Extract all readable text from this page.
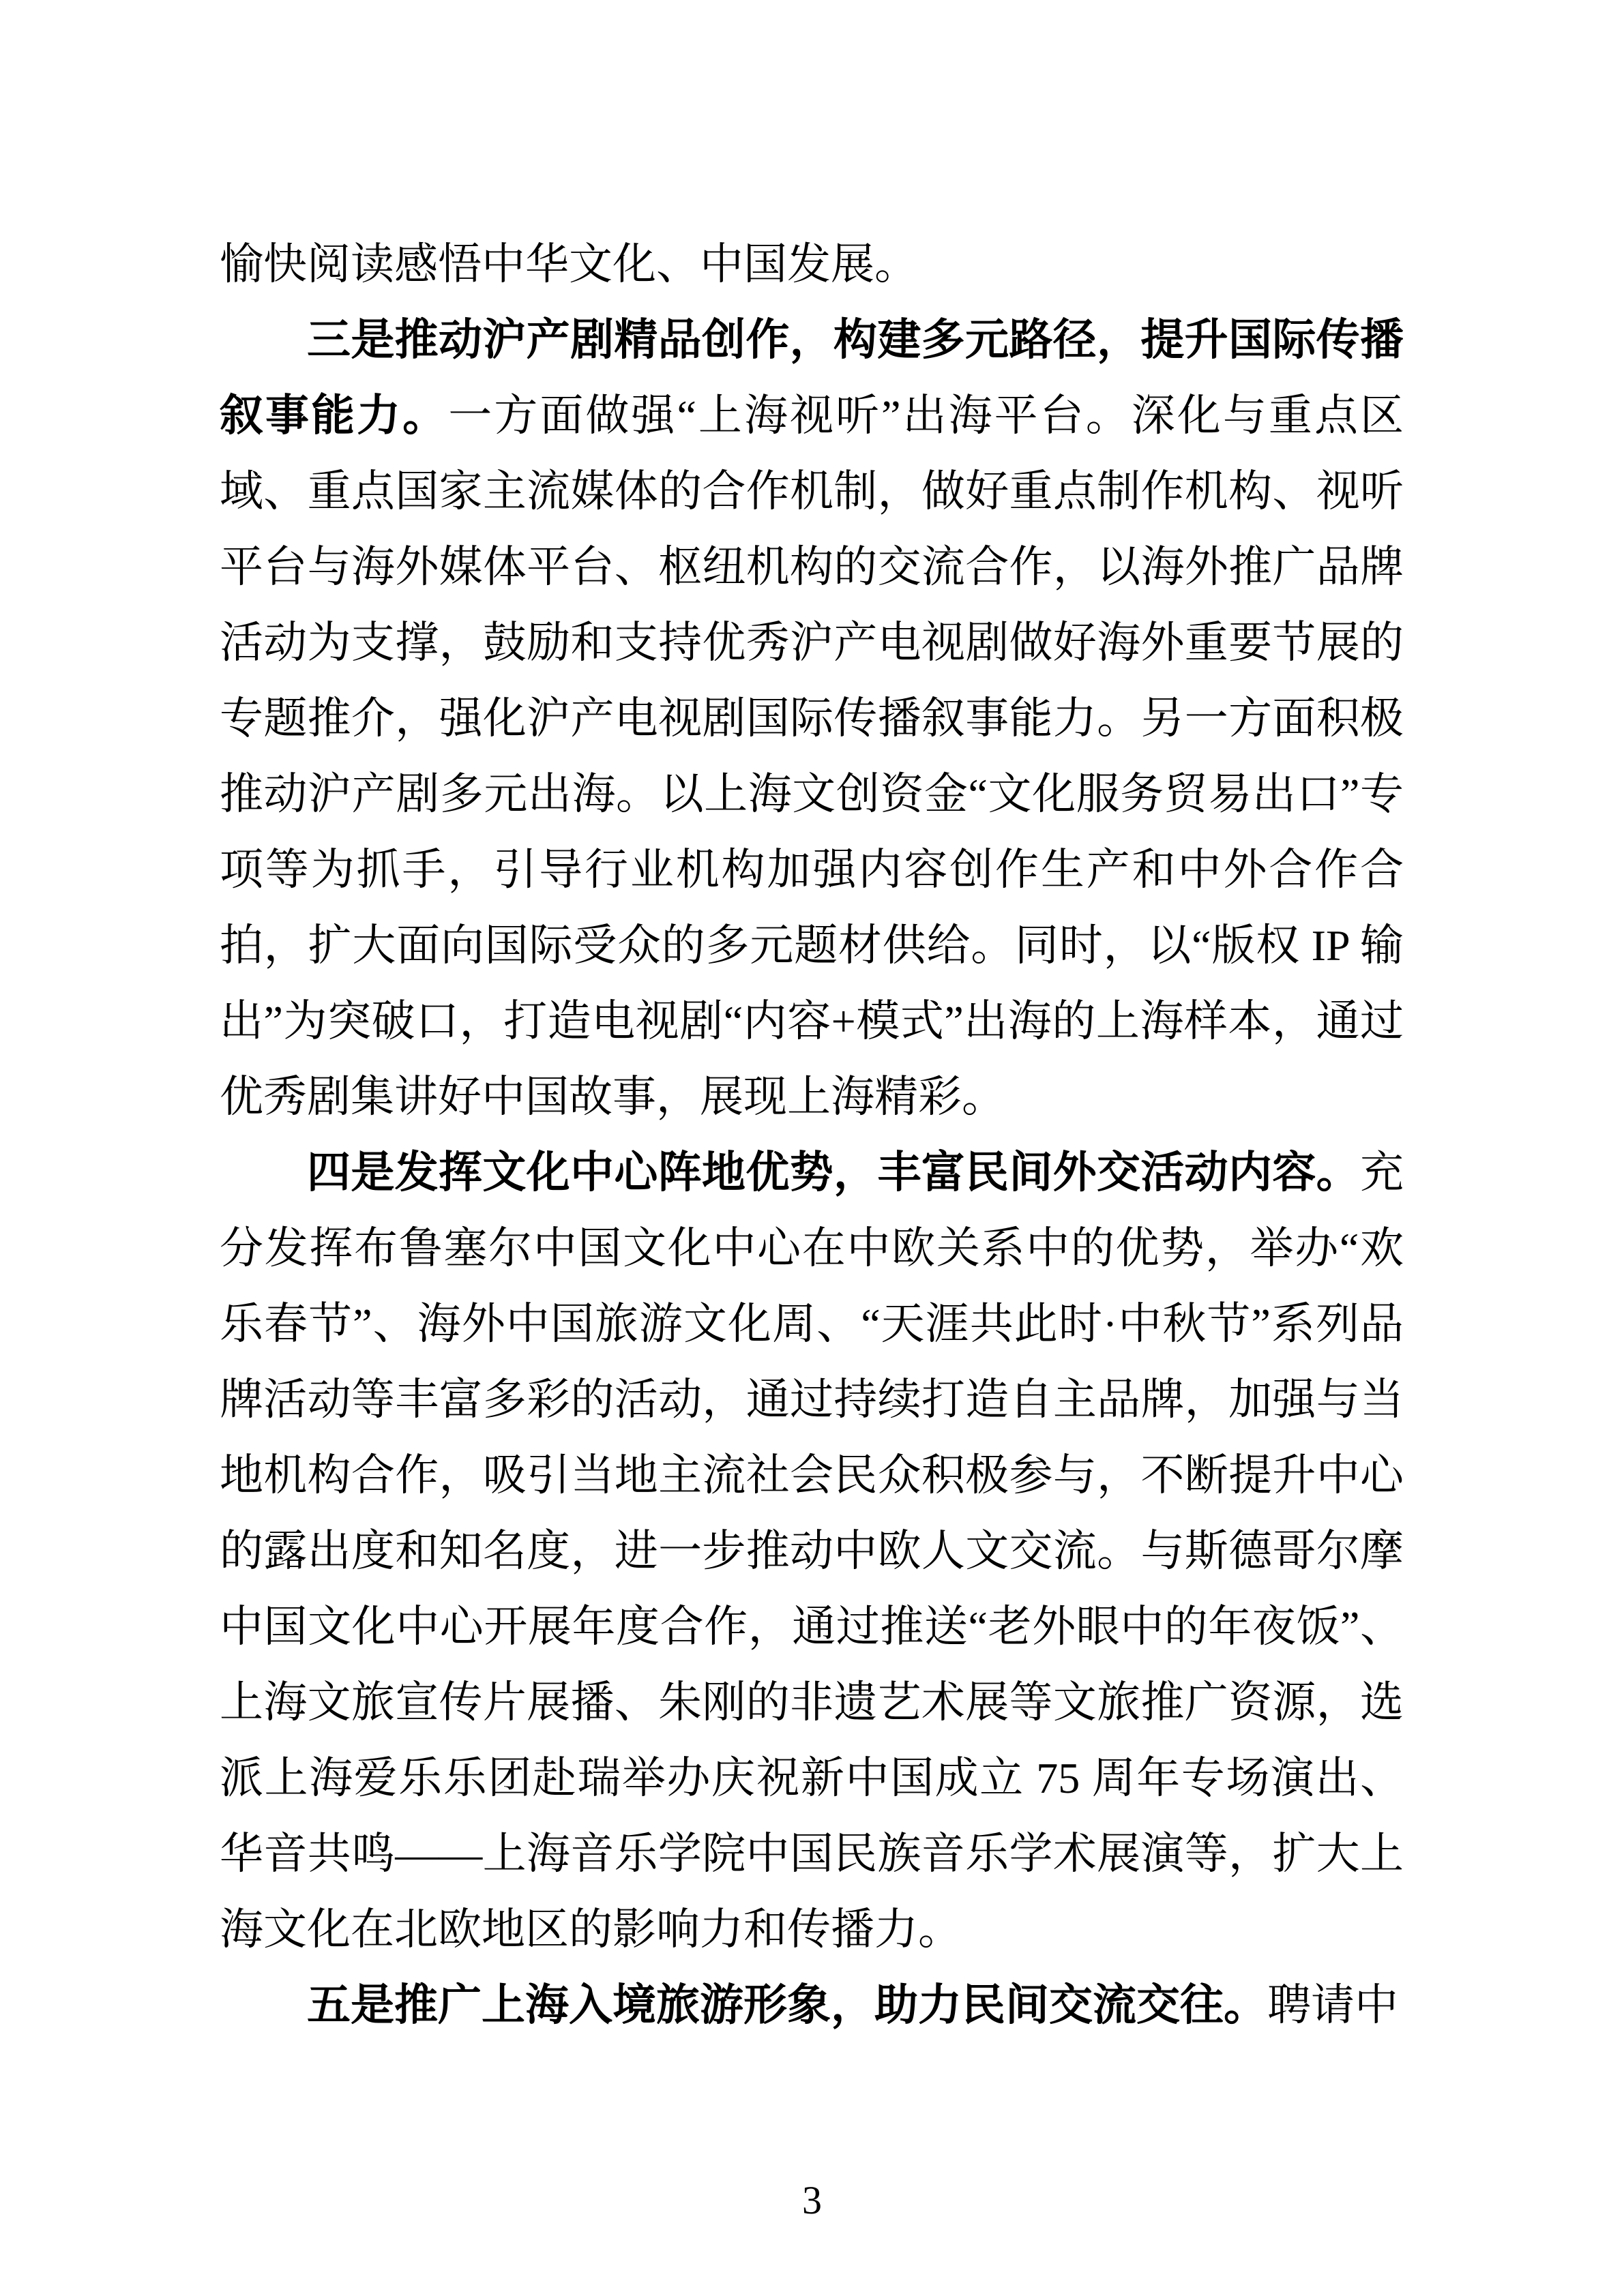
愉快阅读感悟中华文化、中国发展。

三是推动沪产剧精品创作，构建多元路径，提升国际传播叙事能力。一方面做强“上海视听”出海平台。深化与重点区域、重点国家主流媒体的合作机制，做好重点制作机构、视听平台与海外媒体平台、枢纽机构的交流合作，以海外推广品牌活动为支撑，鼓励和支持优秀沪产电视剧做好海外重要节展的专题推介，强化沪产电视剧国际传播叙事能力。另一方面积极推动沪产剧多元出海。以上海文创资金“文化服务贸易出口”专项等为抓手，引导行业机构加强内容创作生产和中外合作合拍，扩大面向国际受众的多元题材供给。同时，以“版权 IP 输出”为突破口，打造电视剧“内容+模式”出海的上海样本，通过优秀剧集讲好中国故事，展现上海精彩。

四是发挥文化中心阵地优势，丰富民间外交活动内容。充分发挥布鲁塞尔中国文化中心在中欧关系中的优势，举办“欢乐春节”、海外中国旅游文化周、“天涯共此时·中秋节”系列品牌活动等丰富多彩的活动，通过持续打造自主品牌，加强与当地机构合作，吸引当地主流社会民众积极参与，不断提升中心的露出度和知名度，进一步推动中欧人文交流。与斯德哥尔摩中国文化中心开展年度合作，通过推送“老外眼中的年夜饭”、上海文旅宣传片展播、朱刚的非遗艺术展等文旅推广资源，选派上海爱乐乐团赴瑞举办庆祝新中国成立 75 周年专场演出、华音共鸣——上海音乐学院中国民族音乐学术展演等，扩大上海文化在北欧地区的影响力和传播力。

五是推广上海入境旅游形象，助力民间交流交往。聘请中

3
